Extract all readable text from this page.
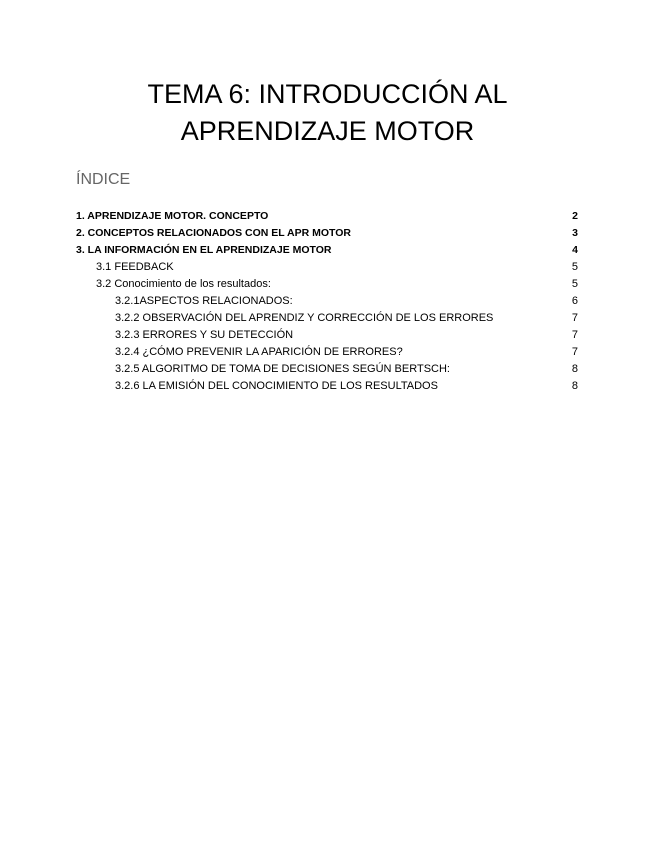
TEMA 6: INTRODUCCIÓN AL
APRENDIZAJE MOTOR
ÍNDICE
1. APRENDIZAJE MOTOR. CONCEPTO	2
2. CONCEPTOS RELACIONADOS CON EL APR MOTOR	3
3. LA INFORMACIÓN EN EL APRENDIZAJE MOTOR	4
3.1 FEEDBACK	5
3.2 Conocimiento de los resultados:	5
3.2.1ASPECTOS RELACIONADOS:	6
3.2.2 OBSERVACIÓN DEL APRENDIZ Y CORRECCIÓN DE LOS ERRORES	7
3.2.3 ERRORES Y SU DETECCIÓN	7
3.2.4 ¿CÓMO PREVENIR LA APARICIÓN DE ERRORES?	7
3.2.5 ALGORITMO DE TOMA DE DECISIONES SEGÚN BERTSCH:	8
3.2.6 LA EMISIÓN DEL CONOCIMIENTO DE LOS RESULTADOS	8
